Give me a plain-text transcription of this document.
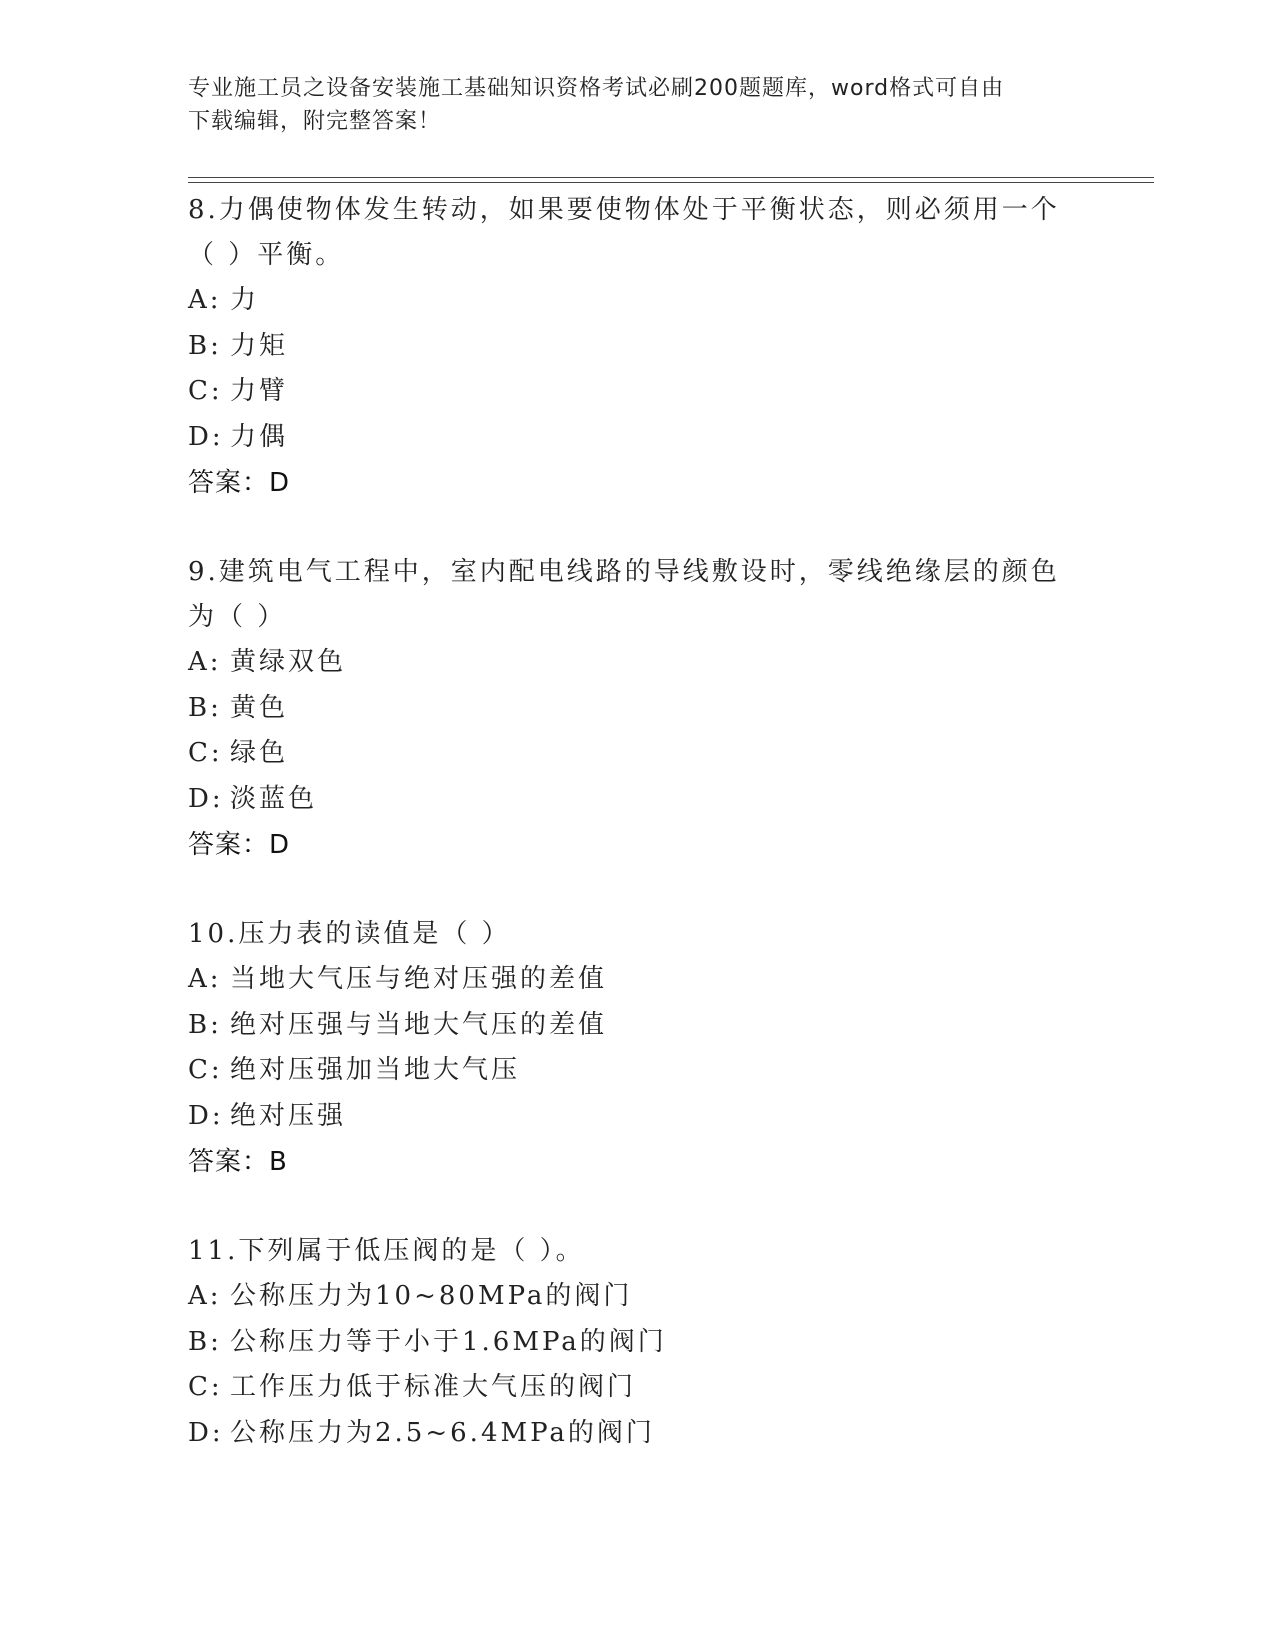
专业施工员之设备安装施工基础知识资格考试必刷200题题库，word格式可自由
下载编辑，附完整答案！

8.力偶使物体发生转动，如果要使物体处于平衡状态，则必须用一个

（ ）平衡。

A: 力

B: 力矩

C: 力臂

D: 力偶

答案：D

9.建筑电气工程中，室内配电线路的导线敷设时，零线绝缘层的颜色

为（ ）

A: 黄绿双色

B: 黄色

C: 绿色

D: 淡蓝色

答案：D

10.压力表的读值是（ ）

A: 当地大气压与绝对压强的差值

B: 绝对压强与当地大气压的差值

C: 绝对压强加当地大气压

D: 绝对压强

答案：B

11.下列属于低压阀的是（ ）。

A: 公称压力为10~80MPa的阀门

B: 公称压力等于小于1.6MPa的阀门

C: 工作压力低于标准大气压的阀门

D: 公称压力为2.5~6.4MPa的阀门
